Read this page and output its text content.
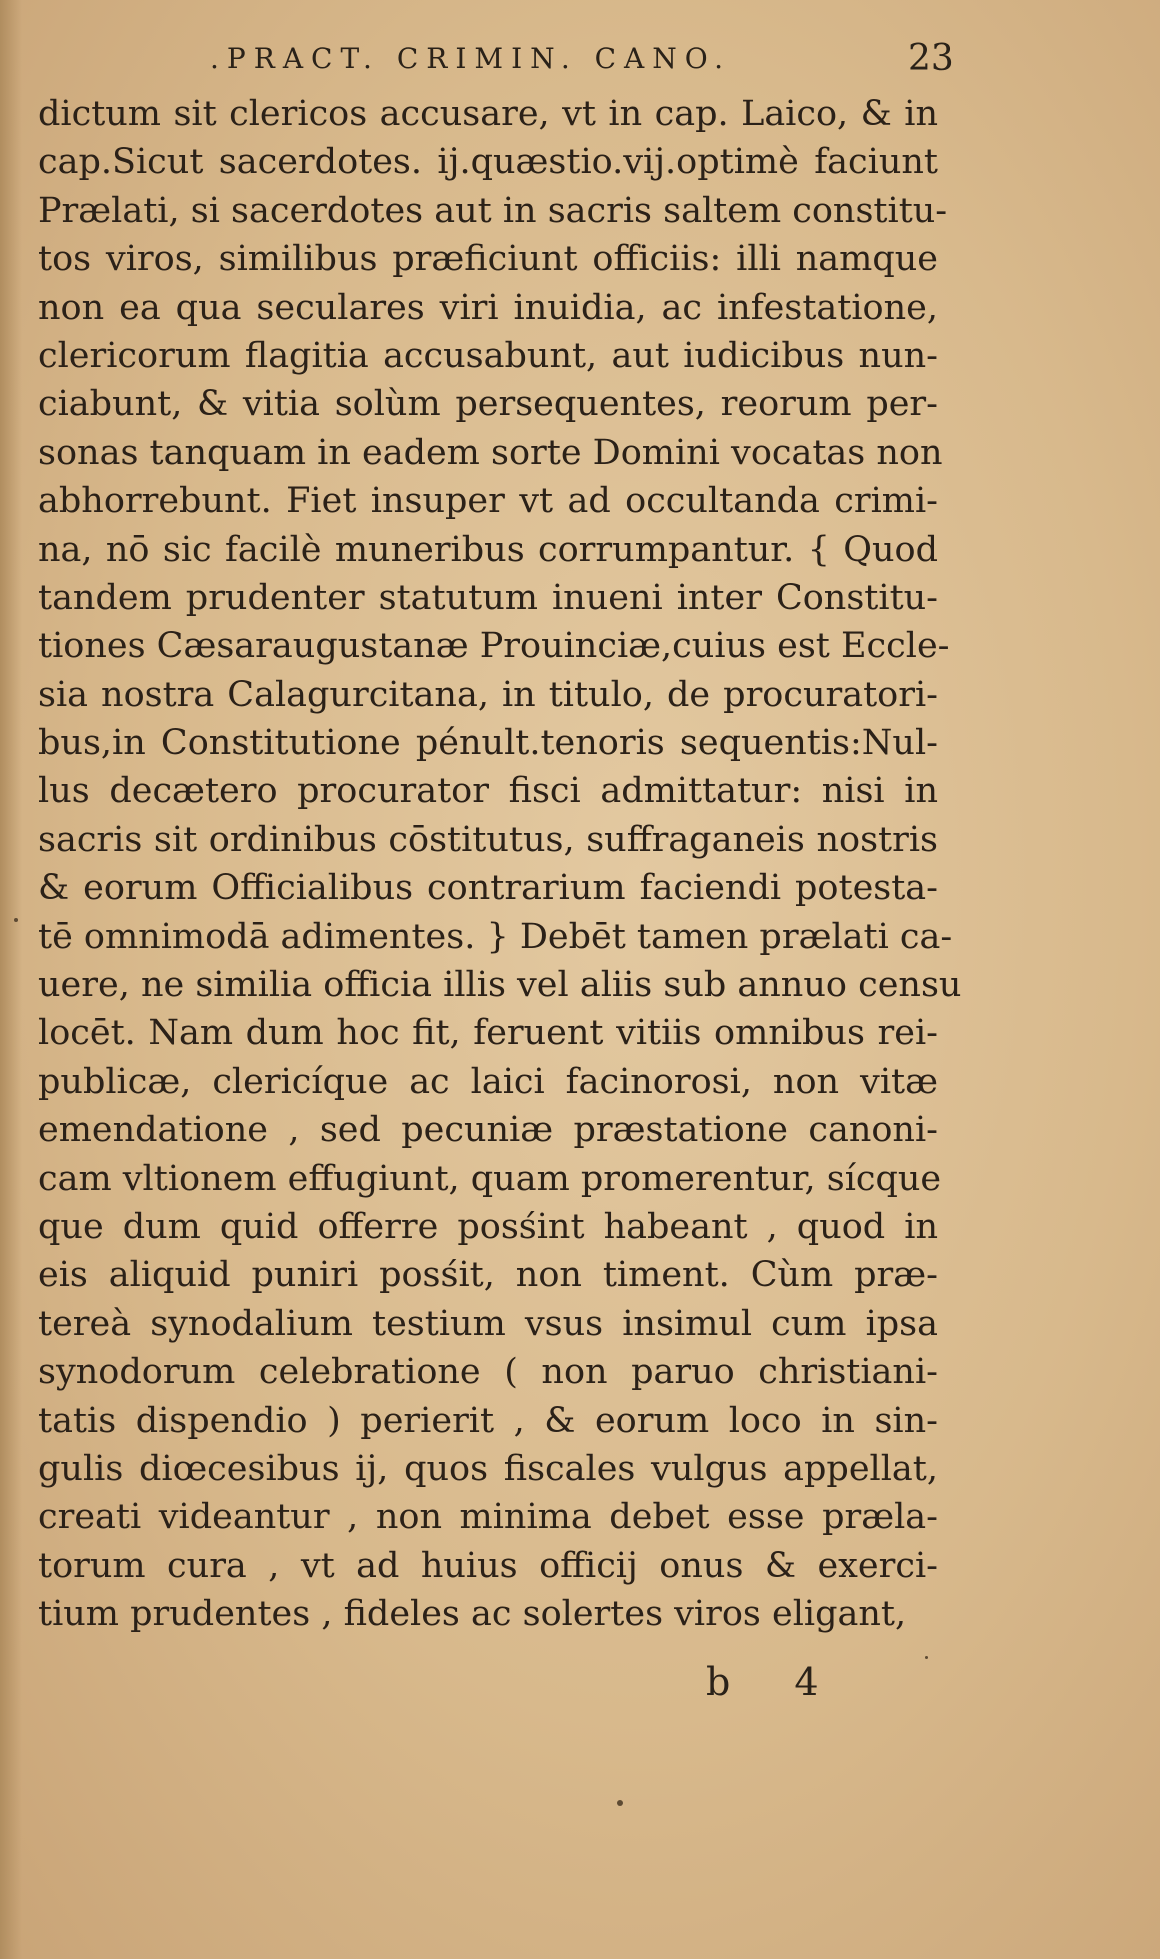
.PRACT. CRIMIN. CANO.	23
dictum sit clericos accusare, vt in cap. Laico, & in
cap.Sicut sacerdotes. ij.quæstio.vij.optimè faciunt
Prælati, si sacerdotes aut in sacris saltem constitu-
tos viros, similibus præficiunt officiis: illi namque
non ea qua seculares viri inuidia, ac infestatione,
clericorum flagitia accusabunt, aut iudicibus nun-
ciabunt, & vitia solùm persequentes, reorum per-
sonas tanquam in eadem sorte Domini vocatas non
abhorrebunt. Fiet insuper vt ad occultanda crimi-
na, nō sic facilè muneribus corrumpantur. { Quod
tandem prudenter statutum inueni inter Constitu-
tiones Cæsaraugustanæ Prouinciæ,cuius est Eccle-
sia nostra Calagurcitana, in titulo, de procuratori-
bus,in Constitutione pénult.tenoris sequentis:Nul-
lus decætero procurator fisci admittatur: nisi in
sacris sit ordinibus cōstitutus, suffraganeis nostris
& eorum Officialibus contrarium faciendi potesta-
tē omnimodā adimentes. } Debēt tamen prælati ca-
uere, ne similia officia illis vel aliis sub annuo censu
locēt. Nam dum hoc fit, feruent vitiis omnibus rei-
publicæ, clericíque ac laici facinorosi, non vitæ
emendatione , sed pecuniæ præstatione canoni-
cam vltionem effugiunt, quam promerentur, sícque
que dum quid offerre posśint habeant , quod in
eis aliquid puniri posśit, non timent. Cùm præ-
tereà synodalium testium vsus insimul cum ipsa
synodorum celebratione ( non paruo christiani-
tatis dispendio ) perierit , & eorum loco in sin-
gulis diœcesibus ij, quos fiscales vulgus appellat,
creati videantur , non minima debet esse præla-
torum cura , vt ad huius officij onus & exerci-
tium prudentes , fideles ac solertes viros eligant,
b 4
